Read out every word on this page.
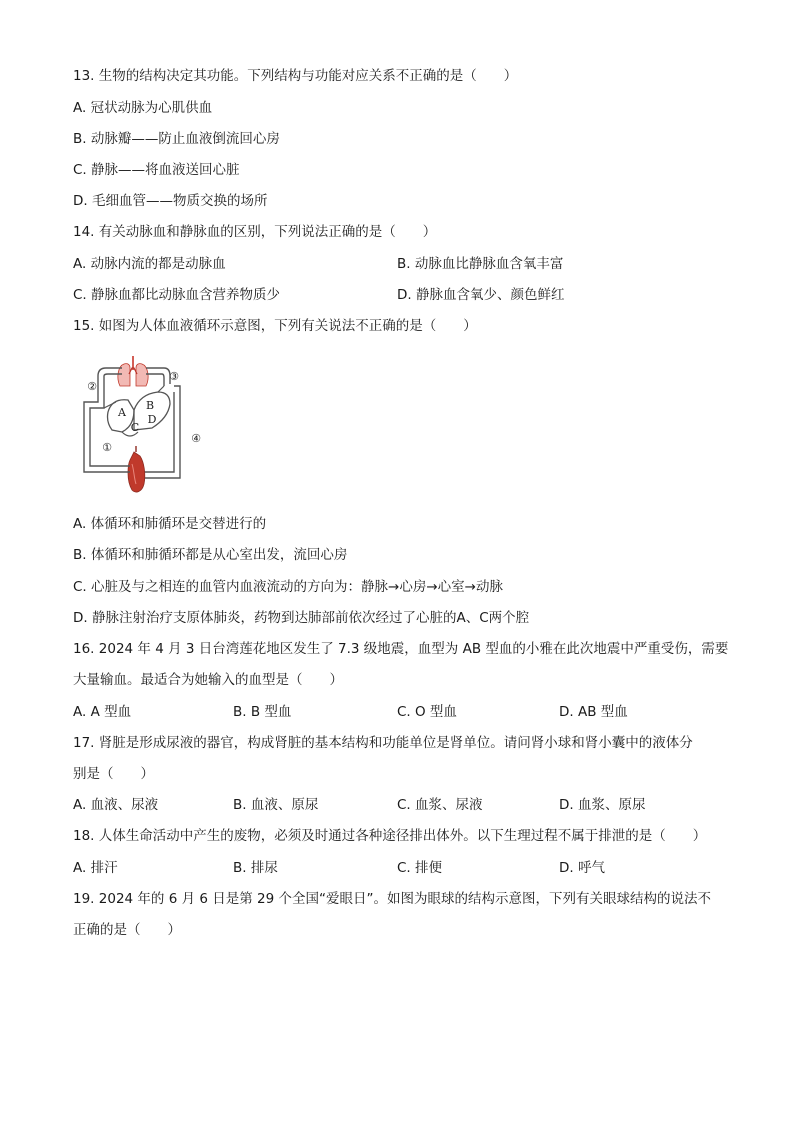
13. 生物的结构决定其功能。下列结构与功能对应关系不正确的是（　　）
A. 冠状动脉为心肌供血
B. 动脉瓣——防止血液倒流回心房
C. 静脉——将血液送回心脏
D. 毛细血管——物质交换的场所
14. 有关动脉血和静脉血的区别，下列说法正确的是（　　）
A. 动脉内流的都是动脉血	B. 动脉血比静脉血含氧丰富
C. 静脉血都比动脉血含营养物质少	D. 静脉血含氧少、颜色鲜红
15. 如图为人体血液循环示意图，下列有关说法不正确的是（　　）
②
③
④
①
A
B
C
D
A. 体循环和肺循环是交替进行的
B. 体循环和肺循环都是从心室出发，流回心房
C. 心脏及与之相连的血管内血液流动的方向为：静脉→心房→心室→动脉
D. 静脉注射治疗支原体肺炎，药物到达肺部前依次经过了心脏的A、C两个腔
16. 2024 年 4 月 3 日台湾莲花地区发生了 7.3 级地震，血型为 AB 型血的小雅在此次地震中严重受伤，需要
大量输血。最适合为她输入的血型是（　　）
A. A 型血	B. B 型血	C. O 型血	D. AB 型血
17. 肾脏是形成尿液的器官，构成肾脏的基本结构和功能单位是肾单位。请问肾小球和肾小囊中的液体分
别是（　　）
A. 血液、尿液	B. 血液、原尿	C. 血浆、尿液	D. 血浆、原尿
18. 人体生命活动中产生的废物，必须及时通过各种途径排出体外。以下生理过程不属于排泄的是（　　）
A. 排汗	B. 排尿	C. 排便	D. 呼气
19. 2024 年的 6 月 6 日是第 29 个全国“爱眼日”。如图为眼球的结构示意图，下列有关眼球结构的说法不
正确的是（　　）
